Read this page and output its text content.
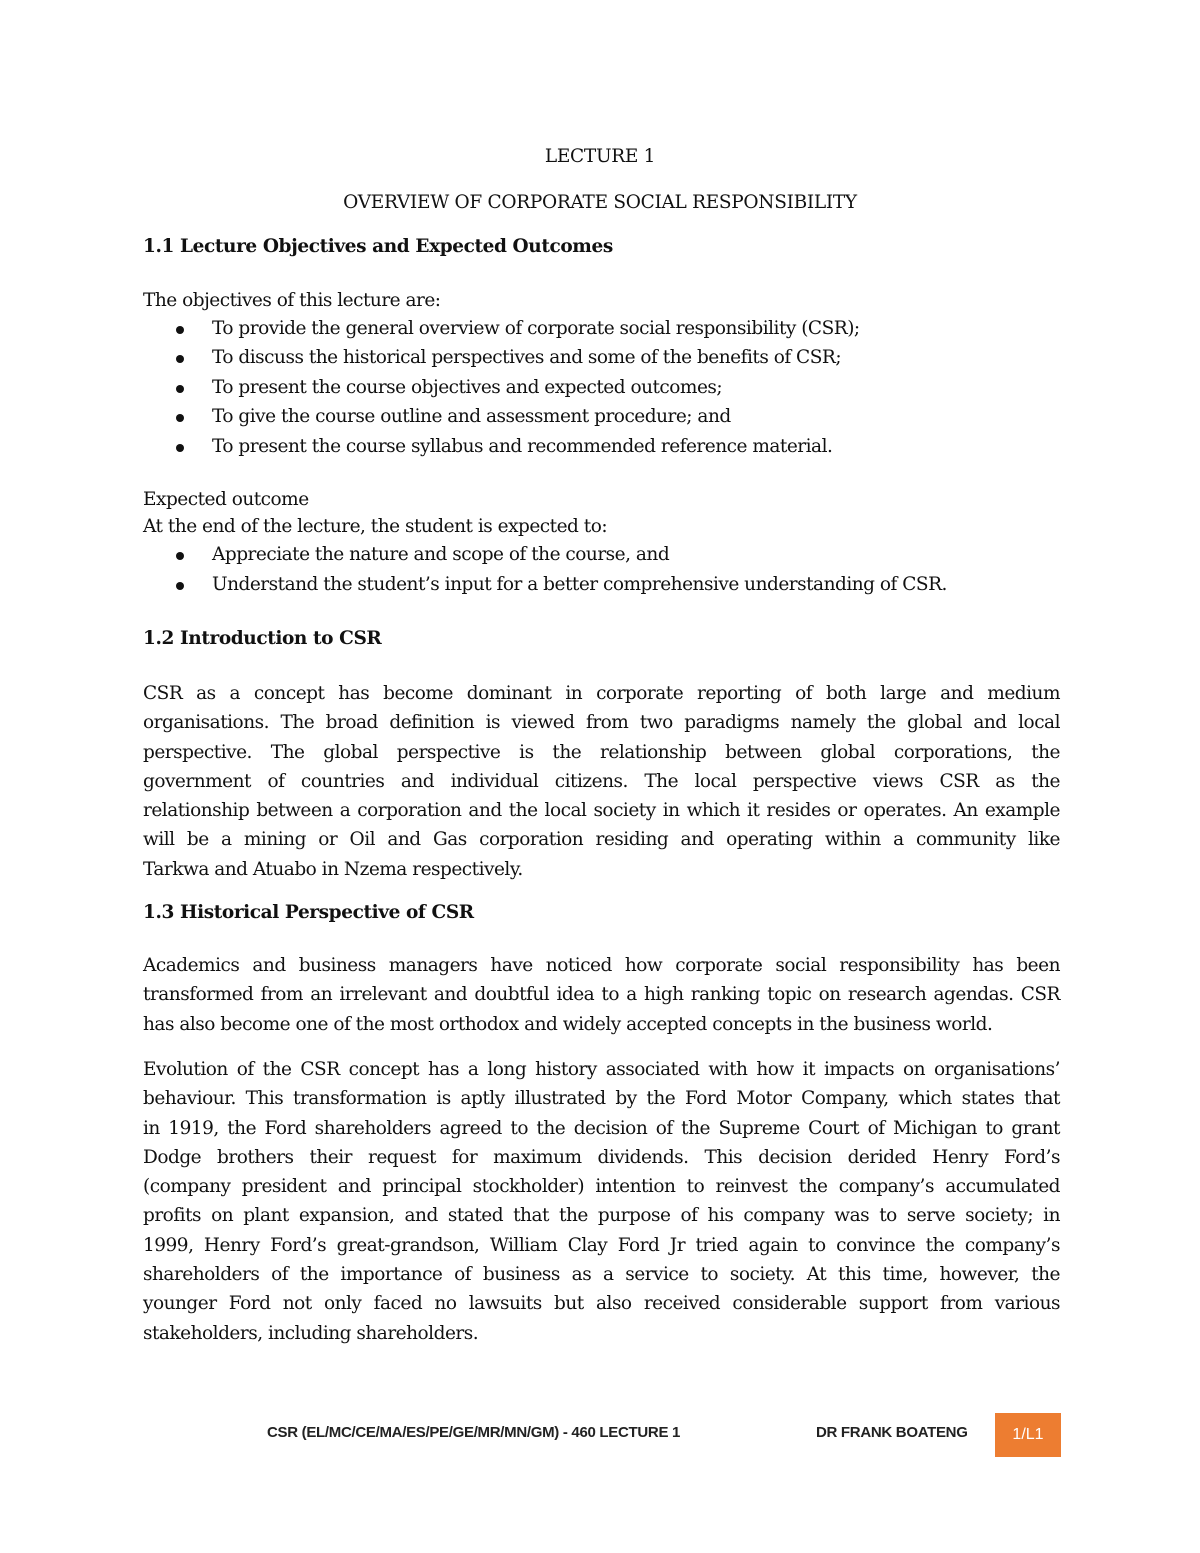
LECTURE 1
OVERVIEW OF CORPORATE SOCIAL RESPONSIBILITY
1.1 Lecture Objectives and Expected Outcomes
The objectives of this lecture are:
To provide the general overview of corporate social responsibility (CSR);
To discuss the historical perspectives and some of the benefits of CSR;
To present the course objectives and expected outcomes;
To give the course outline and assessment procedure; and
To present the course syllabus and recommended reference material.
Expected outcome
At the end of the lecture, the student is expected to:
Appreciate the nature and scope of the course, and
Understand the student’s input for a better comprehensive understanding of CSR.
1.2 Introduction to CSR
CSR as a concept has become dominant in corporate reporting of both large and medium
organisations. The broad definition is viewed from two paradigms namely the global and local
perspective. The global perspective is the relationship between global corporations, the
government of countries and individual citizens. The local perspective views CSR as the
relationship between a corporation and the local society in which it resides or operates. An example
will be a mining or Oil and Gas corporation residing and operating within a community like
Tarkwa and Atuabo in Nzema respectively.
1.3 Historical Perspective of CSR
Academics and business managers have noticed how corporate social responsibility has been
transformed from an irrelevant and doubtful idea to a high ranking topic on research agendas. CSR
has also become one of the most orthodox and widely accepted concepts in the business world.
Evolution of the CSR concept has a long history associated with how it impacts on organisations’
behaviour. This transformation is aptly illustrated by the Ford Motor Company, which states that
in 1919, the Ford shareholders agreed to the decision of the Supreme Court of Michigan to grant
Dodge brothers their request for maximum dividends. This decision derided Henry Ford’s
(company president and principal stockholder) intention to reinvest the company’s accumulated
profits on plant expansion, and stated that the purpose of his company was to serve society; in
1999, Henry Ford’s great-grandson, William Clay Ford Jr tried again to convince the company’s
shareholders of the importance of business as a service to society. At this time, however, the
younger Ford not only faced no lawsuits but also received considerable support from various
stakeholders, including shareholders.
CSR (EL/MC/CE/MA/ES/PE/GE/MR/MN/GM) - 460 LECTURE 1	DR FRANK BOATENG	1/L1
